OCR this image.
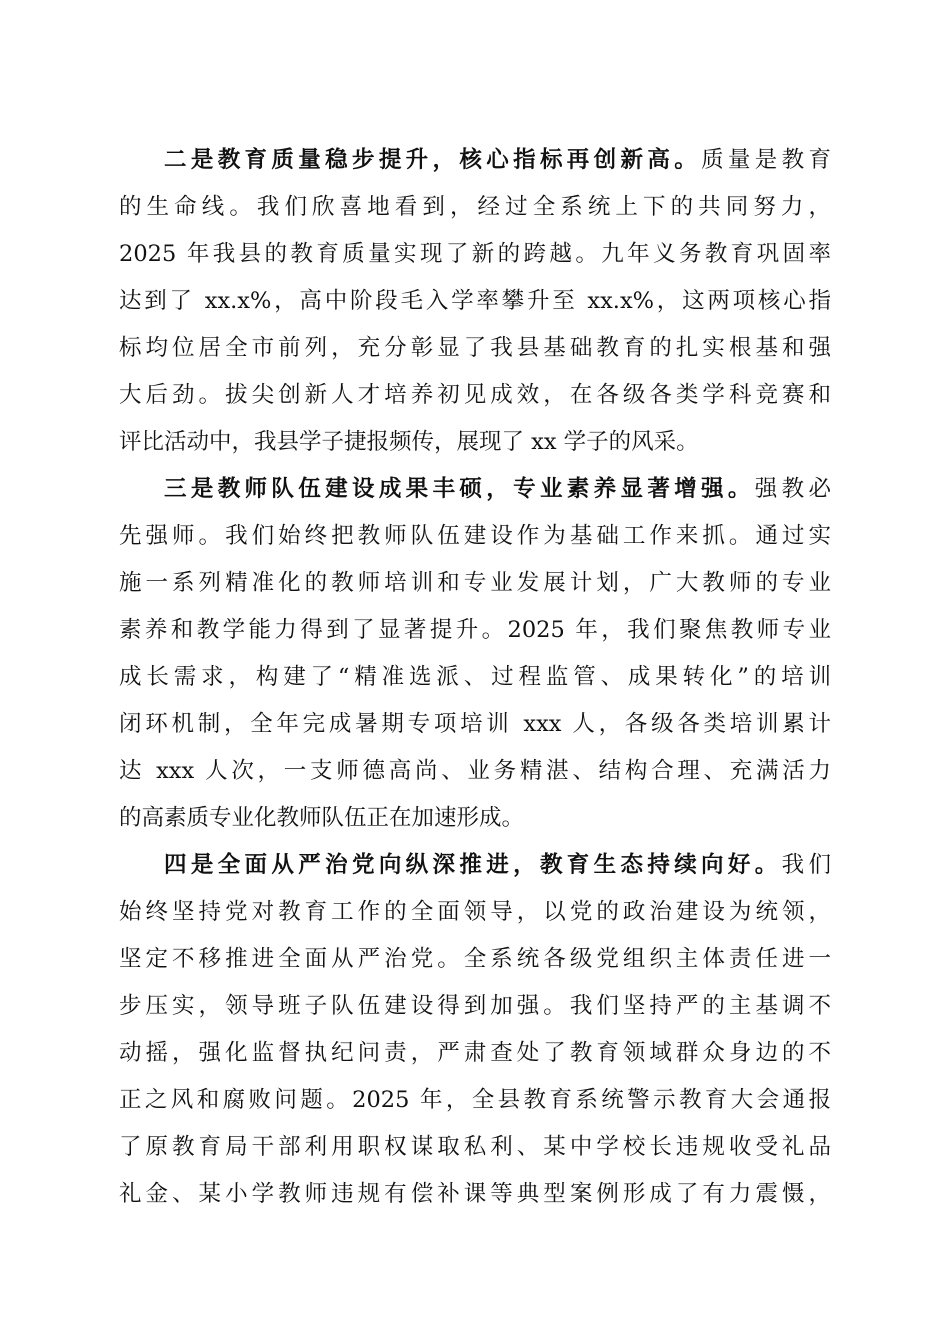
二是教育质量稳步提升，核心指标再创新高。质量是教育
的生命线。我们欣喜地看到，经过全系统上下的共同努力，
2025 年我县的教育质量实现了新的跨越。九年义务教育巩固率
达到了 xx.x%，高中阶段毛入学率攀升至 xx.x%，这两项核心指
标均位居全市前列，充分彰显了我县基础教育的扎实根基和强
大后劲。拔尖创新人才培养初见成效，在各级各类学科竞赛和
评比活动中，我县学子捷报频传，展现了 xx 学子的风采。
三是教师队伍建设成果丰硕，专业素养显著增强。强教必
先强师。我们始终把教师队伍建设作为基础工作来抓。通过实
施一系列精准化的教师培训和专业发展计划，广大教师的专业
素养和教学能力得到了显著提升。2025 年，我们聚焦教师专业
成长需求，构建了“精准选派、过程监管、成果转化”的培训
闭环机制，全年完成暑期专项培训 xxx 人，各级各类培训累计
达 xxx 人次，一支师德高尚、业务精湛、结构合理、充满活力
的高素质专业化教师队伍正在加速形成。
四是全面从严治党向纵深推进，教育生态持续向好。我们
始终坚持党对教育工作的全面领导，以党的政治建设为统领，
坚定不移推进全面从严治党。全系统各级党组织主体责任进一
步压实，领导班子队伍建设得到加强。我们坚持严的主基调不
动摇，强化监督执纪问责，严肃查处了教育领域群众身边的不
正之风和腐败问题。2025 年，全县教育系统警示教育大会通报
了原教育局干部利用职权谋取私利、某中学校长违规收受礼品
礼金、某小学教师违规有偿补课等典型案例形成了有力震慑，
